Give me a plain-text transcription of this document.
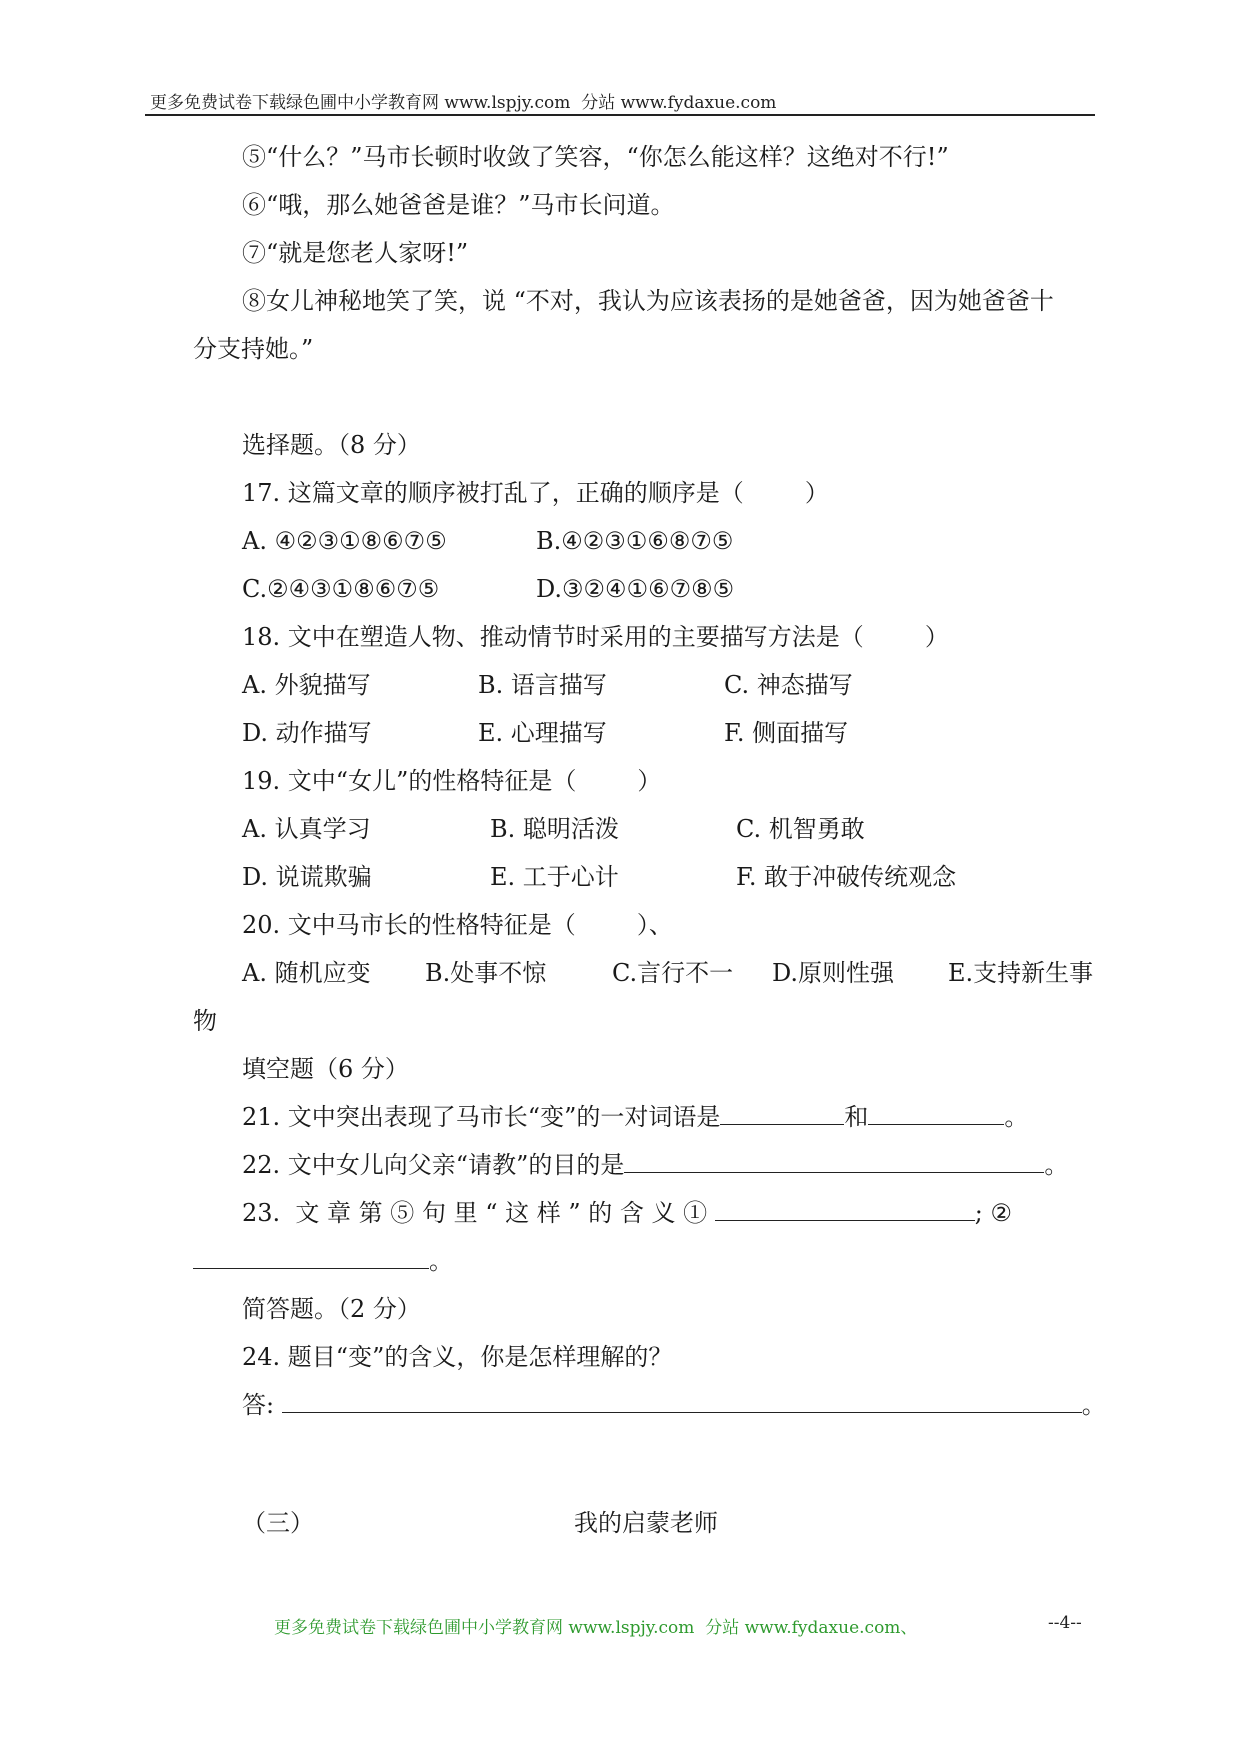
更多免费试卷下载绿色圃中小学教育网 www.lspjy.com  分站 www.fydaxue.com
⑤“什么？”马市长顿时收敛了笑容，“你怎么能这样？这绝对不行!”
⑥“哦，那么她爸爸是谁？”马市长问道。
⑦“就是您老人家呀!”
⑧女儿神秘地笑了笑，说 “不对，我认为应该表扬的是她爸爸，因为她爸爸十
分支持她。”
选择题。（8 分）
17. 这篇文章的顺序被打乱了，正确的顺序是（        ）
A. ④②③①⑧⑥⑦⑤	B.④②③①⑥⑧⑦⑤
C.②④③①⑧⑥⑦⑤	D.③②④①⑥⑦⑧⑤
18. 文中在塑造人物、推动情节时采用的主要描写方法是（        ）
A. 外貌描写	B. 语言描写	C. 神态描写
D. 动作描写	E. 心理描写	F. 侧面描写
19. 文中“女儿”的性格特征是（        ）
A. 认真学习	B. 聪明活泼	C. 机智勇敢
D. 说谎欺骗	E. 工于心计	F. 敢于冲破传统观念
20. 文中马市长的性格特征是（        ）、
A. 随机应变 B.处事不惊	C.言行不一 D.原则性强 E.支持新生事
物
填空题（6 分）
21. 文中突出表现了马市长“变”的一对词语是	和	。
22. 文中女儿向父亲“请教”的目的是	。
23.  文 章 第 ⑤ 句 里 “ 这 样 ” 的 含 义 ①	; ②
。
简答题。（2 分）
24. 题目“变”的含义，你是怎样理解的？
答:	。
（三）	我的启蒙老师
更多免费试卷下载绿色圃中小学教育网 www.lspjy.com  分站 www.fydaxue.com、	--4--
